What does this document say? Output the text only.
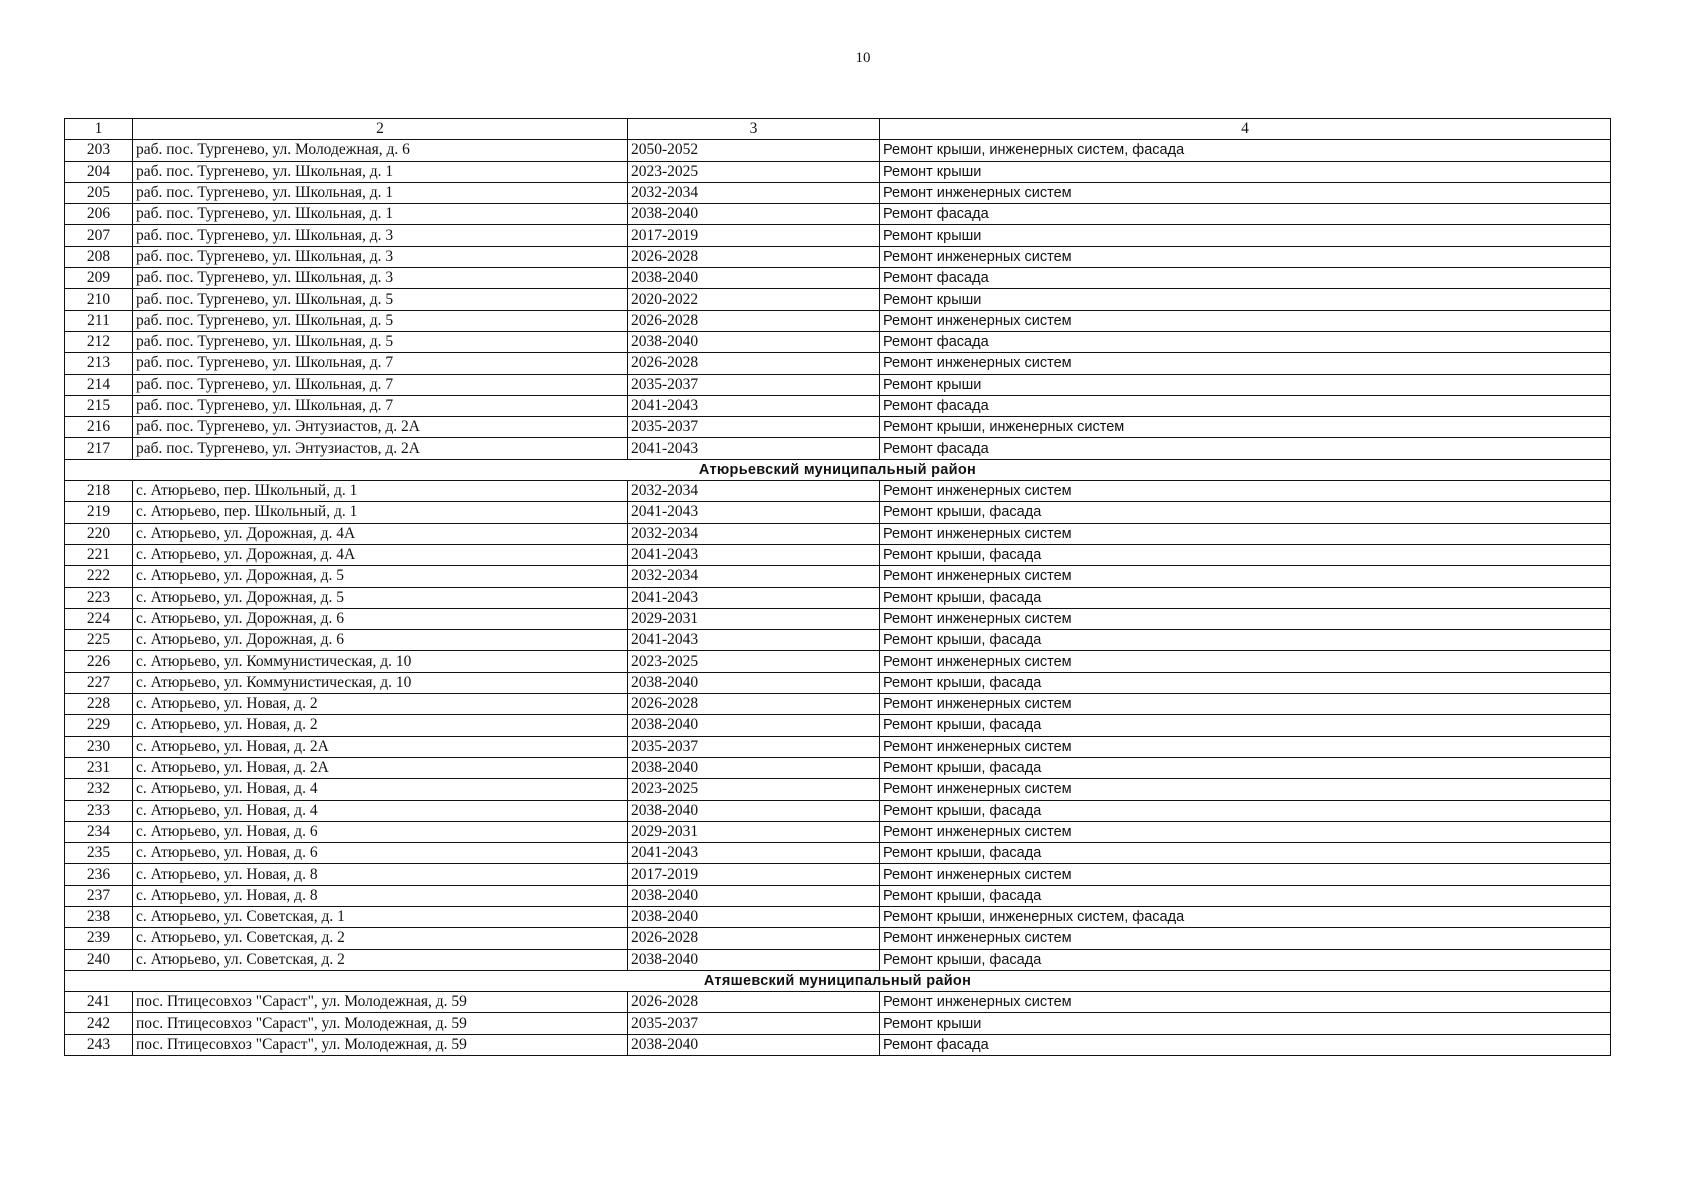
10
1	2	3	4
203	раб. пос. Тургенево, ул. Молодежная, д. 6	2050-2052	Ремонт крыши, инженерных систем, фасада
204	раб. пос. Тургенево, ул. Школьная, д. 1	2023-2025	Ремонт крыши
205	раб. пос. Тургенево, ул. Школьная, д. 1	2032-2034	Ремонт инженерных систем
206	раб. пос. Тургенево, ул. Школьная, д. 1	2038-2040	Ремонт фасада
207	раб. пос. Тургенево, ул. Школьная, д. 3	2017-2019	Ремонт крыши
208	раб. пос. Тургенево, ул. Школьная, д. 3	2026-2028	Ремонт инженерных систем
209	раб. пос. Тургенево, ул. Школьная, д. 3	2038-2040	Ремонт фасада
210	раб. пос. Тургенево, ул. Школьная, д. 5	2020-2022	Ремонт крыши
211	раб. пос. Тургенево, ул. Школьная, д. 5	2026-2028	Ремонт инженерных систем
212	раб. пос. Тургенево, ул. Школьная, д. 5	2038-2040	Ремонт фасада
213	раб. пос. Тургенево, ул. Школьная, д. 7	2026-2028	Ремонт инженерных систем
214	раб. пос. Тургенево, ул. Школьная, д. 7	2035-2037	Ремонт крыши
215	раб. пос. Тургенево, ул. Школьная, д. 7	2041-2043	Ремонт фасада
216	раб. пос. Тургенево, ул. Энтузиастов, д. 2А	2035-2037	Ремонт крыши, инженерных систем
217	раб. пос. Тургенево, ул. Энтузиастов, д. 2А	2041-2043	Ремонт фасада
Атюрьевский муниципальный район			
218	с. Атюрьево, пер. Школьный, д. 1	2032-2034	Ремонт инженерных систем
219	с. Атюрьево, пер. Школьный, д. 1	2041-2043	Ремонт крыши, фасада
220	с. Атюрьево, ул. Дорожная, д. 4А	2032-2034	Ремонт инженерных систем
221	с. Атюрьево, ул. Дорожная, д. 4А	2041-2043	Ремонт крыши, фасада
222	с. Атюрьево, ул. Дорожная, д. 5	2032-2034	Ремонт инженерных систем
223	с. Атюрьево, ул. Дорожная, д. 5	2041-2043	Ремонт крыши, фасада
224	с. Атюрьево, ул. Дорожная, д. 6	2029-2031	Ремонт инженерных систем
225	с. Атюрьево, ул. Дорожная, д. 6	2041-2043	Ремонт крыши, фасада
226	с. Атюрьево, ул. Коммунистическая, д. 10	2023-2025	Ремонт инженерных систем
227	с. Атюрьево, ул. Коммунистическая, д. 10	2038-2040	Ремонт крыши, фасада
228	с. Атюрьево, ул. Новая, д. 2	2026-2028	Ремонт инженерных систем
229	с. Атюрьево, ул. Новая, д. 2	2038-2040	Ремонт крыши, фасада
230	с. Атюрьево, ул. Новая, д. 2А	2035-2037	Ремонт инженерных систем
231	с. Атюрьево, ул. Новая, д. 2А	2038-2040	Ремонт крыши, фасада
232	с. Атюрьево, ул. Новая, д. 4	2023-2025	Ремонт инженерных систем
233	с. Атюрьево, ул. Новая, д. 4	2038-2040	Ремонт крыши, фасада
234	с. Атюрьево, ул. Новая, д. 6	2029-2031	Ремонт инженерных систем
235	с. Атюрьево, ул. Новая, д. 6	2041-2043	Ремонт крыши, фасада
236	с. Атюрьево, ул. Новая, д. 8	2017-2019	Ремонт инженерных систем
237	с. Атюрьево, ул. Новая, д. 8	2038-2040	Ремонт крыши, фасада
238	с. Атюрьево, ул. Советская, д. 1	2038-2040	Ремонт крыши, инженерных систем, фасада
239	с. Атюрьево, ул. Советская, д. 2	2026-2028	Ремонт инженерных систем
240	с. Атюрьево, ул. Советская, д. 2	2038-2040	Ремонт крыши, фасада
Атяшевский муниципальный район			
241	пос. Птицесовхоз "Сараст", ул. Молодежная, д. 59	2026-2028	Ремонт инженерных систем
242	пос. Птицесовхоз "Сараст", ул. Молодежная, д. 59	2035-2037	Ремонт крыши
243	пос. Птицесовхоз "Сараст", ул. Молодежная, д. 59	2038-2040	Ремонт фасада
